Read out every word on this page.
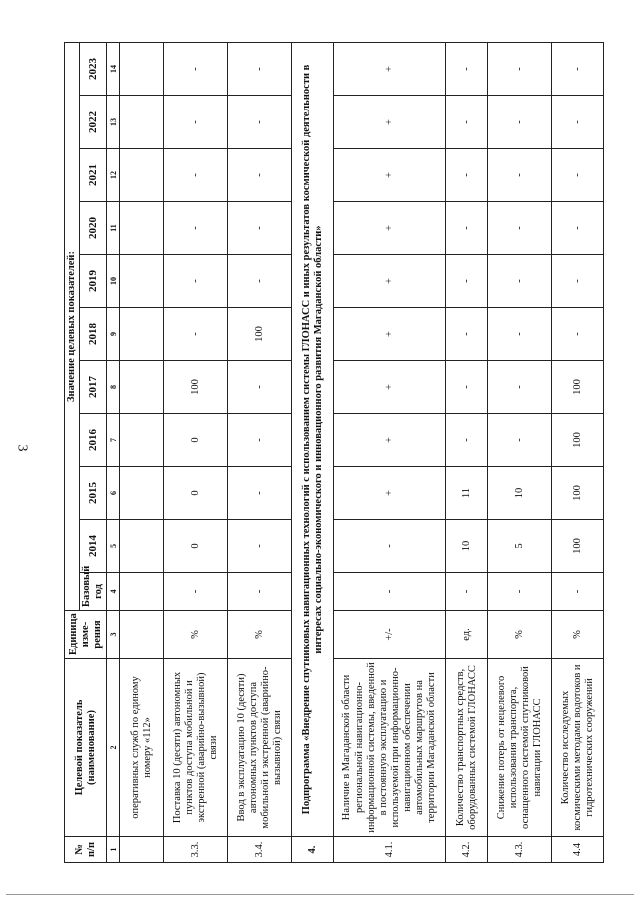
3
№ п/п	Целевой показатель (наименование)	Единица изме-рения	Значение целевых показателей:										
			Базовый год	2014	2015	2016	2017	2018	2019	2020	2021	2022	2023
1	2	3	4	5	6	7	8	9	10	11	12	13	14
	оперативных служб по единому номеру «112»												
3.3.	Поставка 10 (десяти) автономных пунктов доступа мобильной и экстренной (аварийно-вызывной) связи	%	-	0	0	0	100	-	-	-	-	-	-
3.4.	Ввод в эксплуатацию 10 (десяти) автономных пунктов доступа мобильной и экстренной (аварийно-вызывной) связи	%	-	-	-	-	-	100	-	-	-	-	-
4.	Подпрограмма «Внедрение спутниковых навигационных технологий с использованием системы ГЛОНАСС и иных результатов космической деятельности в интересах социально-экономического и инновационного развития Магаданской области»												
4.1.	Наличие в Магаданской области региональной навигационно-информационной системы, введенной в постоянную эксплуатацию и используемой при информационно-навигационном обеспечении автомобильных маршрутов на территории Магаданской области	+/-	-	-	+	+	+	+	+	+	+	+	+
4.2.	Количество транспортных средств, оборудованных системой ГЛОНАСС	ед.	-	10	11	-	-	-	-	-	-	-	-
4.3.	Снижение потерь от нецелевого использования транспорта, оснащенного системой спутниковой навигации ГЛОНАСС	%	-	5	10	-	-	-	-	-	-	-	-
4.4	Количество исследуемых космическими методами водотоков и гидротехнических сооружений	%	-	100	100	100	100	-	-	-	-	-	-
